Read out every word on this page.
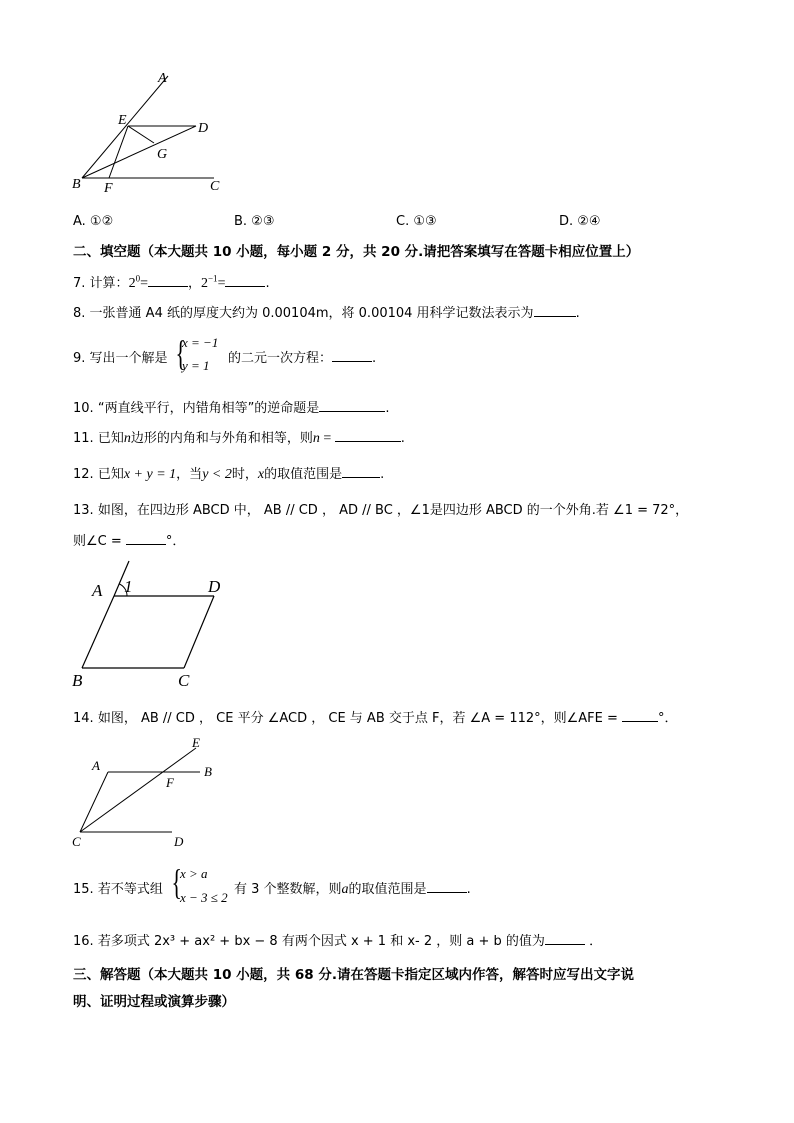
A
E
D
G
B F	C
A. ①②	B. ②③	C. ①③	D. ②④
二、填空题（本大题共 10 小题，每小题 2 分，共 20 分.请把答案填写在答题卡相应位置上）
7. 计算：$2^0=$	，$2^{-1}=$	.
8. 一张普通 A4 纸的厚度大约为 0.00104m，将 0.00104 用科学记数法表示为	.
9. 写出一个解是 {
x = −1
y = 1 的二元一次方程：	.
10. “两直线平行，内错角相等”的逆命题是	.
11. 已知n边形的内角和与外角和相等，则n =	.
12. 已知x + y = 1，当y < 2时，x的取值范围是	.
13. 如图，在四边形 ABCD 中， AB // CD ， AD // BC ，∠1是四边形 ABCD 的一个外角.若 ∠1 = 72°，
则∠C =	°．
A 1	D
B	C
14. 如图， AB // CD ， CE 平分 ∠ACD ， CE 与 AB 交于点 F，若 ∠A = 112°，则∠AFE =	°．
E
A	B
F
C	D
15. 若不等式组 {
x > a
x − 3 ≤ 2
有 3 个整数解，则a的取值范围是	.
16. 若多项式 2x³ + ax² + bx − 8 有两个因式 x + 1 和 x- 2 ，则 a + b 的值为	．
三、解答题（本大题共 10 小题，共 68 分.请在答题卡指定区域内作答，解答时应写出文字说
明、证明过程或演算步骤）
